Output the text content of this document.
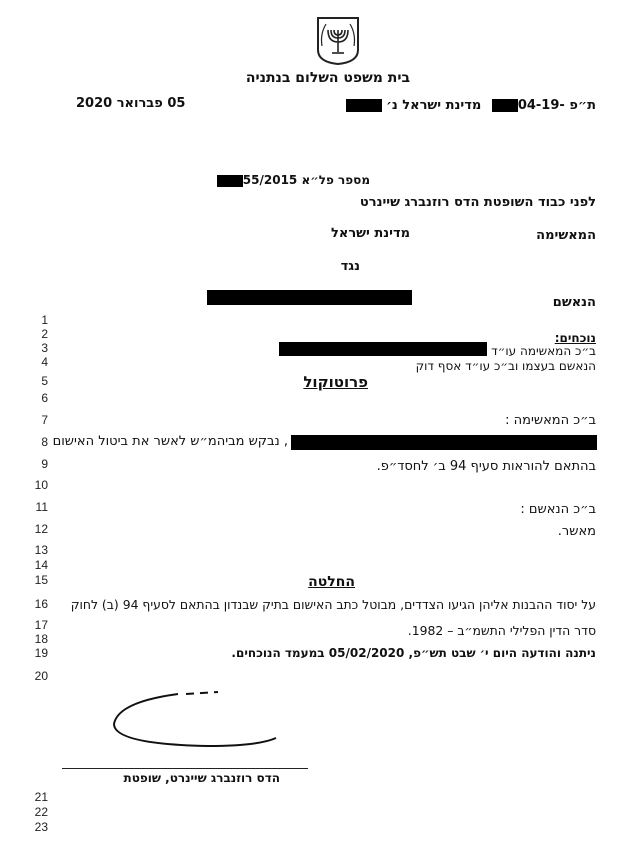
בית משפט השלום בנתניה
05 פברואר 2020	ת״פ -04-19 מדינת ישראל נ׳
מספר פל״א 55/2015
לפני כבוד השופטת הדס רוזנברג שיינרט
המאשימה
מדינת ישראל
נגד
הנאשם
נוכחים:
ב״כ המאשימה עו״ד
הנאשם בעצמו וב״כ עו״ד אסף דוק
פרוטוקול
ב״כ המאשימה :
, נבקש מביהמ״ש לאשר את ביטול האישום
בהתאם להוראות סעיף 94 ב׳ לחסד״פ.
ב״כ הנאשם :
מאשר.
החלטה
על יסוד ההבנות אליהן הגיעו הצדדים, מבוטל כתב האישום בתיק שבנדון בהתאם לסעיף 94 (ב) לחוק
סדר הדין הפלילי התשמ״ב – 1982.
ניתנה והודעה היום י׳ שבט תש״פ, 05/02/2020 במעמד הנוכחים.
הדס רוזנברג שיינרט, שופטת
1
2
3
4
5
6
7
8
9
10
11
12
13
14
15
16
17
18
19
20
21
22
23
